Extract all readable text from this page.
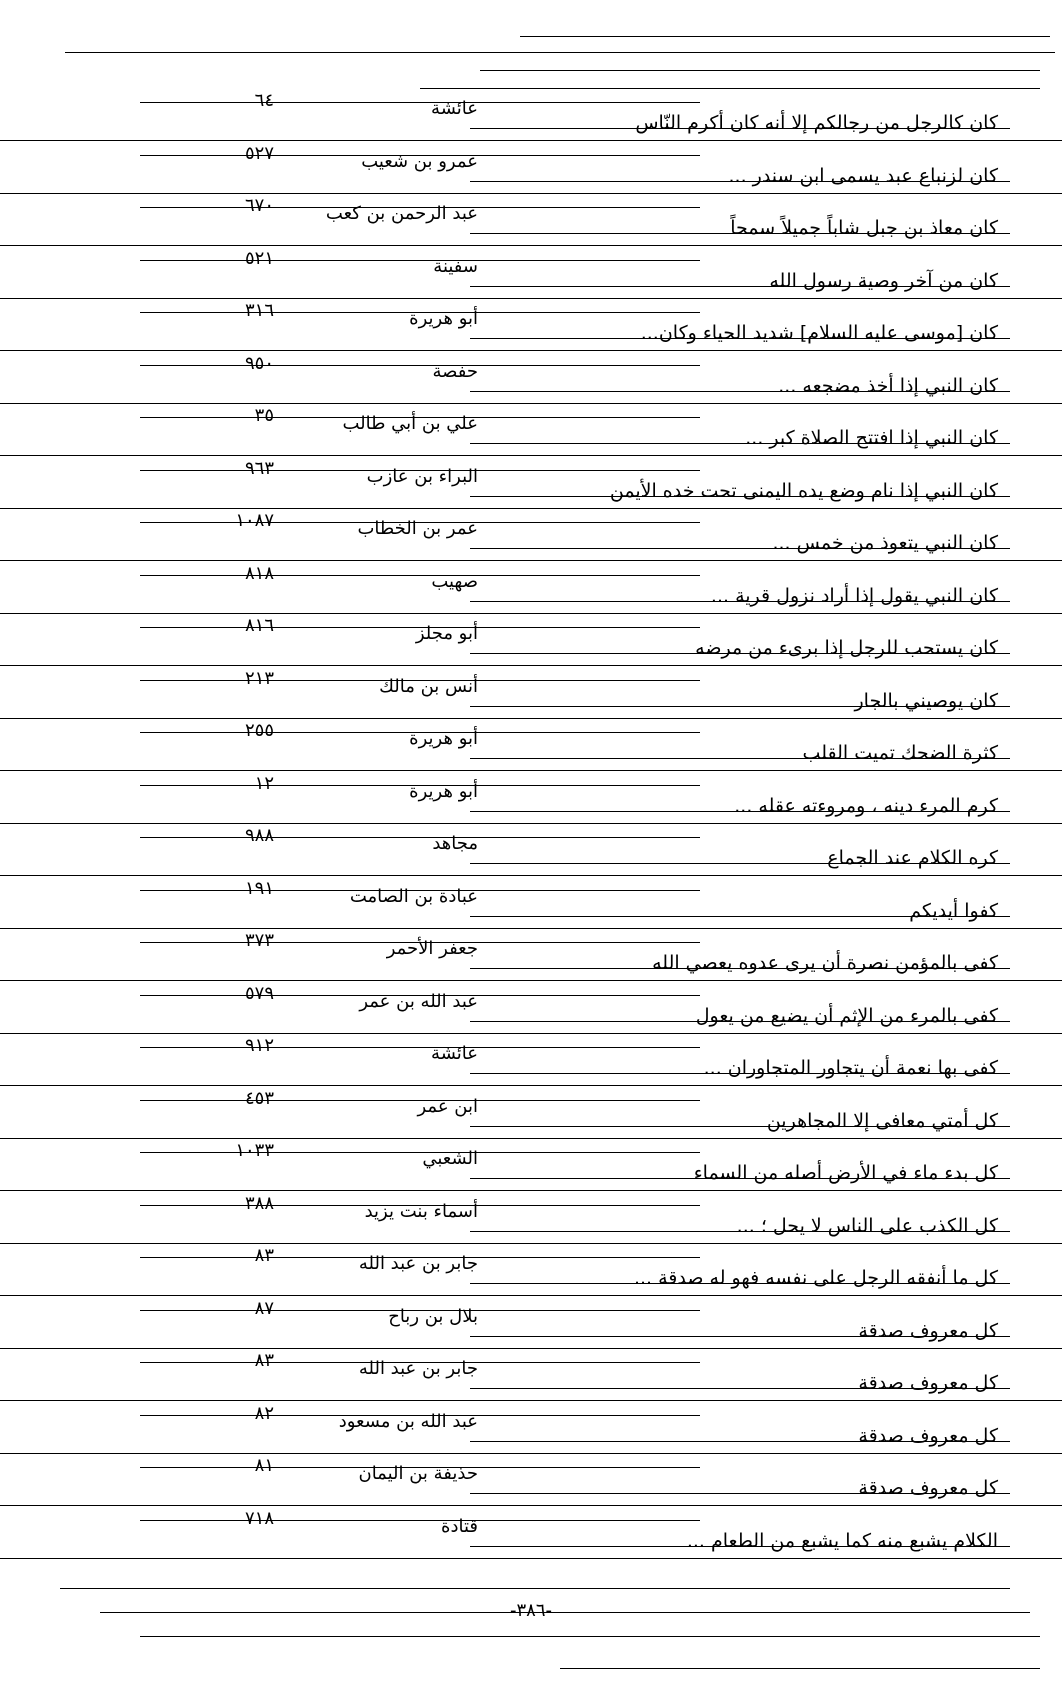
كان كالرجل من رجالكم إلا أنه كان أكرم النّاس
عائشة
٦٤
كان لزنباع عبد يسمى ابن سندر ...
عمرو بن شعيب
٥٢٧
كان معاذ بن جبل شاباً جميلاً سمحاً
عبد الرحمن بن كعب
٦٧٠
كان من آخر وصية رسول الله
سفينة
٥٢١
كان [موسى عليه السلام] شديد الحياء وكان...
أبو هريرة
٣١٦
كان النبي إذا أخذ مضجعه ...
حفصة
٩٥٠
كان النبي إذا افتتح الصلاة كبر ...
علي بن أبي طالب
٣٥
كان النبي إذا نام وضع يده اليمنى تحت خده الأيمن
البراء بن عازب
٩٦٣
كان النبي يتعوذ من خمس ...
عمر بن الخطاب
١٠٨٧
كان النبي يقول إذا أراد نزول قرية ...
صهيب
٨١٨
كان يستحب للرجل إذا برىء من مرضه
أبو مجلز
٨١٦
كان يوصيني بالجار
أنس بن مالك
٢١٣
كثرة الضحك تميت القلب
أبو هريرة
٢٥٥
كرم المرء دينه ، ومروءته عقله ...
أبو هريرة
١٢
كره الكلام عند الجماع
مجاهد
٩٨٨
كفوا أيديكم
عبادة بن الصامت
١٩١
كفى بالمؤمن نصرة أن يرى عدوه يعصي الله
جعفر الأحمر
٣٧٣
كفى بالمرء من الإثم أن يضيع من يعول
عبد الله بن عمر
٥٧٩
كفى بها نعمة أن يتجاور المتجاوران ...
عائشة
٩١٢
كل أمتي معافى إلا المجاهرين
ابن عمر
٤٥٣
كل بدء ماء في الأرض أصله من السماء
الشعبي
١٠٣٣
كل الكذب على الناس لا يحل ؛ ...
أسماء بنت يزيد
٣٨٨
كل ما أنفقه الرجل على نفسه فهو له صدقة ...
جابر بن عبد الله
٨٣
كل معروف صدقة
بلال بن رباح
٨٧
كل معروف صدقة
جابر بن عبد الله
٨٣
كل معروف صدقة
عبد الله بن مسعود
٨٢
كل معروف صدقة
حذيفة بن اليمان
٨١
الكلام يشبع منه كما يشبع من الطعام ...
قتادة
٧١٨
-٣٨٦-
